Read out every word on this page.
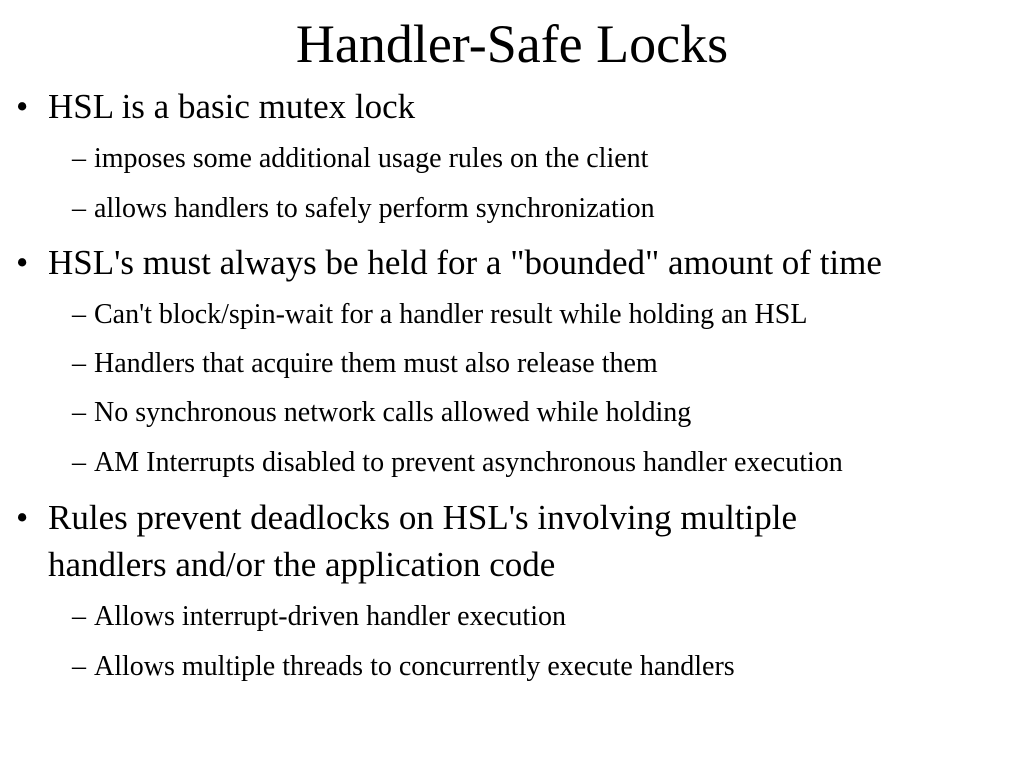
Handler-Safe Locks
• HSL is a basic mutex lock
– imposes some additional usage rules on the client
– allows handlers to safely perform synchronization
• HSL's must always be held for a "bounded" amount of time
– Can't block/spin-wait for a handler result while holding an HSL
– Handlers that acquire them must also release them
– No synchronous network calls allowed while holding
– AM Interrupts disabled to prevent asynchronous handler execution
• Rules prevent deadlocks on HSL's involving multiple
handlers and/or the application code
– Allows interrupt-driven handler execution
– Allows multiple threads to concurrently execute handlers
